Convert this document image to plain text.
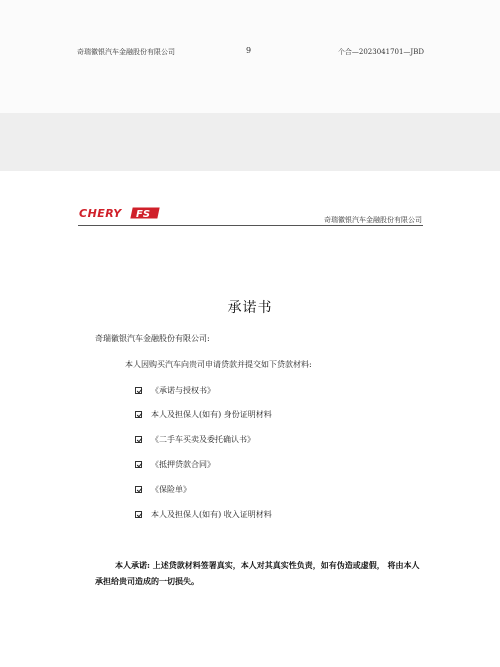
奇瑞徽银汽车金融股份有限公司	9	个合—2023041701—JBD
CHERY FS	奇瑞徽银汽车金融股份有限公司
承诺书
奇瑞徽银汽车金融股份有限公司:
本人因购买汽车向贵司申请贷款并提交如下贷款材料:
《承诺与授权书》
本人及担保人(如有) 身份证明材料
《二手车买卖及委托确认书》
《抵押贷款合同》
《保险单》
本人及担保人(如有) 收入证明材料
本人承诺: 上述贷款材料签署真实，本人对其真实性负责，如有伪造或虚假， 将由本人承担给贵司造成的一切损失。
